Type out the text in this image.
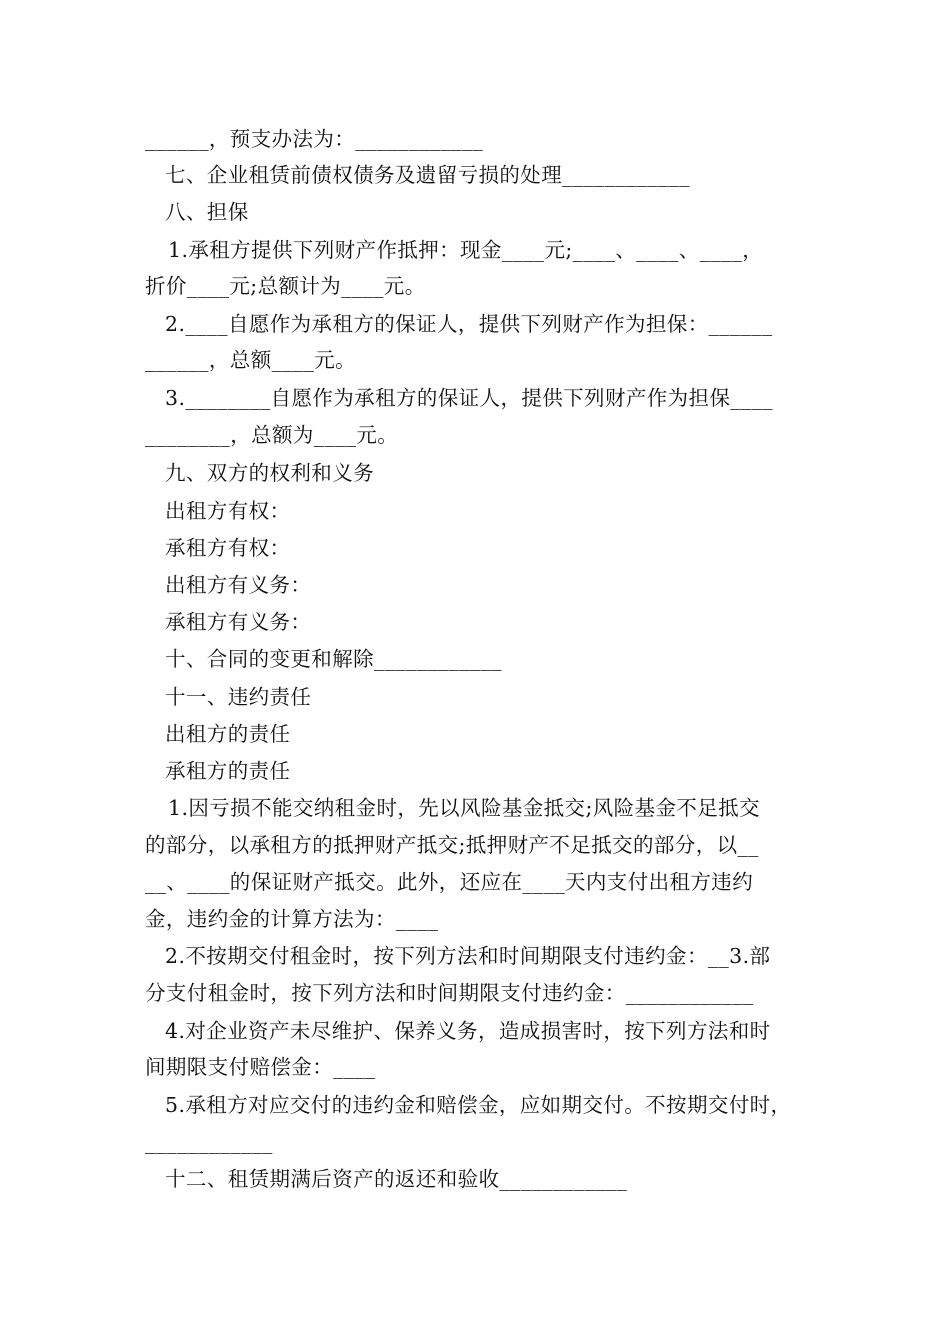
______，预支办法为：____________
七、企业租赁前债权债务及遗留亏损的处理____________
八、担保
1.承租方提供下列财产作抵押：现金____元;____、____、____，
折价____元;总额计为____元。
2.____自愿作为承租方的保证人，提供下列财产作为担保：______
______，总额____元。
3.________自愿作为承租方的保证人，提供下列财产作为担保____
________，总额为____元。
九、双方的权利和义务
出租方有权：
承租方有权：
出租方有义务：
承租方有义务：
十、合同的变更和解除____________
十一、违约责任
出租方的责任
承租方的责任
1.因亏损不能交纳租金时，先以风险基金抵交;风险基金不足抵交
的部分，以承租方的抵押财产抵交;抵押财产不足抵交的部分，以__
__、____的保证财产抵交。此外，还应在____天内支付出租方违约
金，违约金的计算方法为：____
2.不按期交付租金时，按下列方法和时间期限支付违约金：__3.部
分支付租金时，按下列方法和时间期限支付违约金：____________
4.对企业资产未尽维护、保养义务，造成损害时，按下列方法和时
间期限支付赔偿金：____
5.承租方对应交付的违约金和赔偿金，应如期交付。不按期交付时，
____________
十二、租赁期满后资产的返还和验收____________
